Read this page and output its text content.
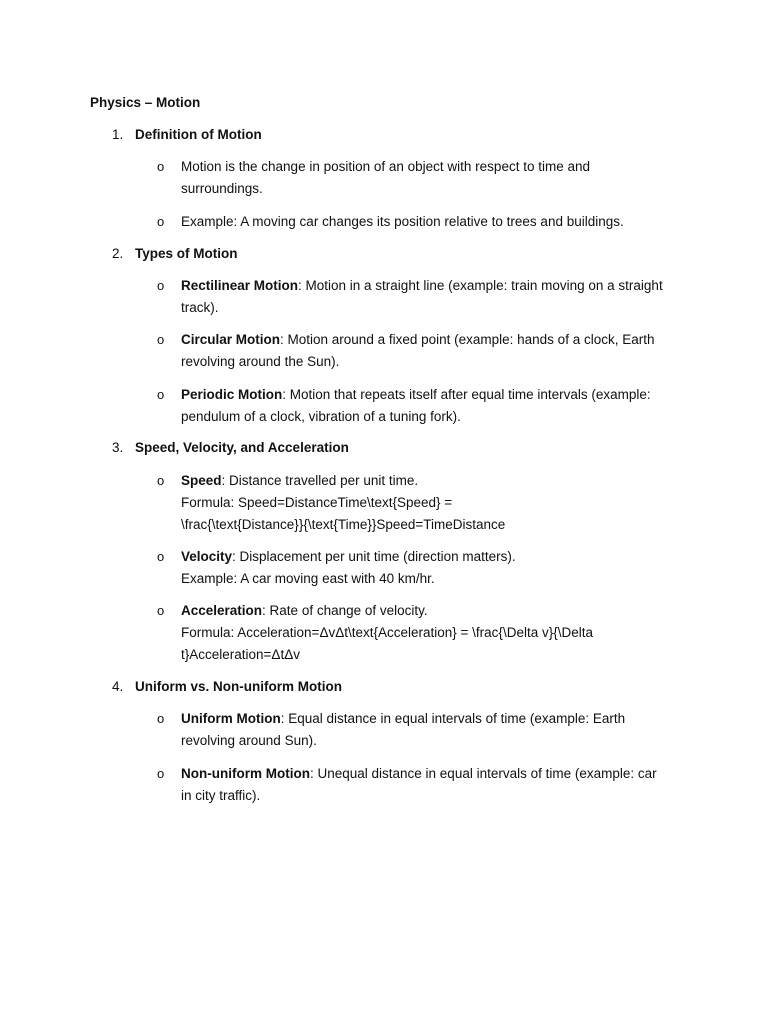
Physics – Motion
1. Definition of Motion
o Motion is the change in position of an object with respect to time and
surroundings.
o Example: A moving car changes its position relative to trees and buildings.
2. Types of Motion
o Rectilinear Motion: Motion in a straight line (example: train moving on a straight
track).
o Circular Motion: Motion around a fixed point (example: hands of a clock, Earth
revolving around the Sun).
o Periodic Motion: Motion that repeats itself after equal time intervals (example:
pendulum of a clock, vibration of a tuning fork).
3. Speed, Velocity, and Acceleration
o Speed: Distance travelled per unit time.
Formula: Speed=DistanceTime\text{Speed} =
\frac{\text{Distance}}{\text{Time}}Speed=TimeDistance
o Velocity: Displacement per unit time (direction matters).
Example: A car moving east with 40 km/hr.
o Acceleration: Rate of change of velocity.
Formula: Acceleration=ΔvΔt\text{Acceleration} = \frac{\Delta v}{\Delta
t}Acceleration=ΔtΔv
4. Uniform vs. Non-uniform Motion
o Uniform Motion: Equal distance in equal intervals of time (example: Earth
revolving around Sun).
o Non-uniform Motion: Unequal distance in equal intervals of time (example: car
in city traffic).
